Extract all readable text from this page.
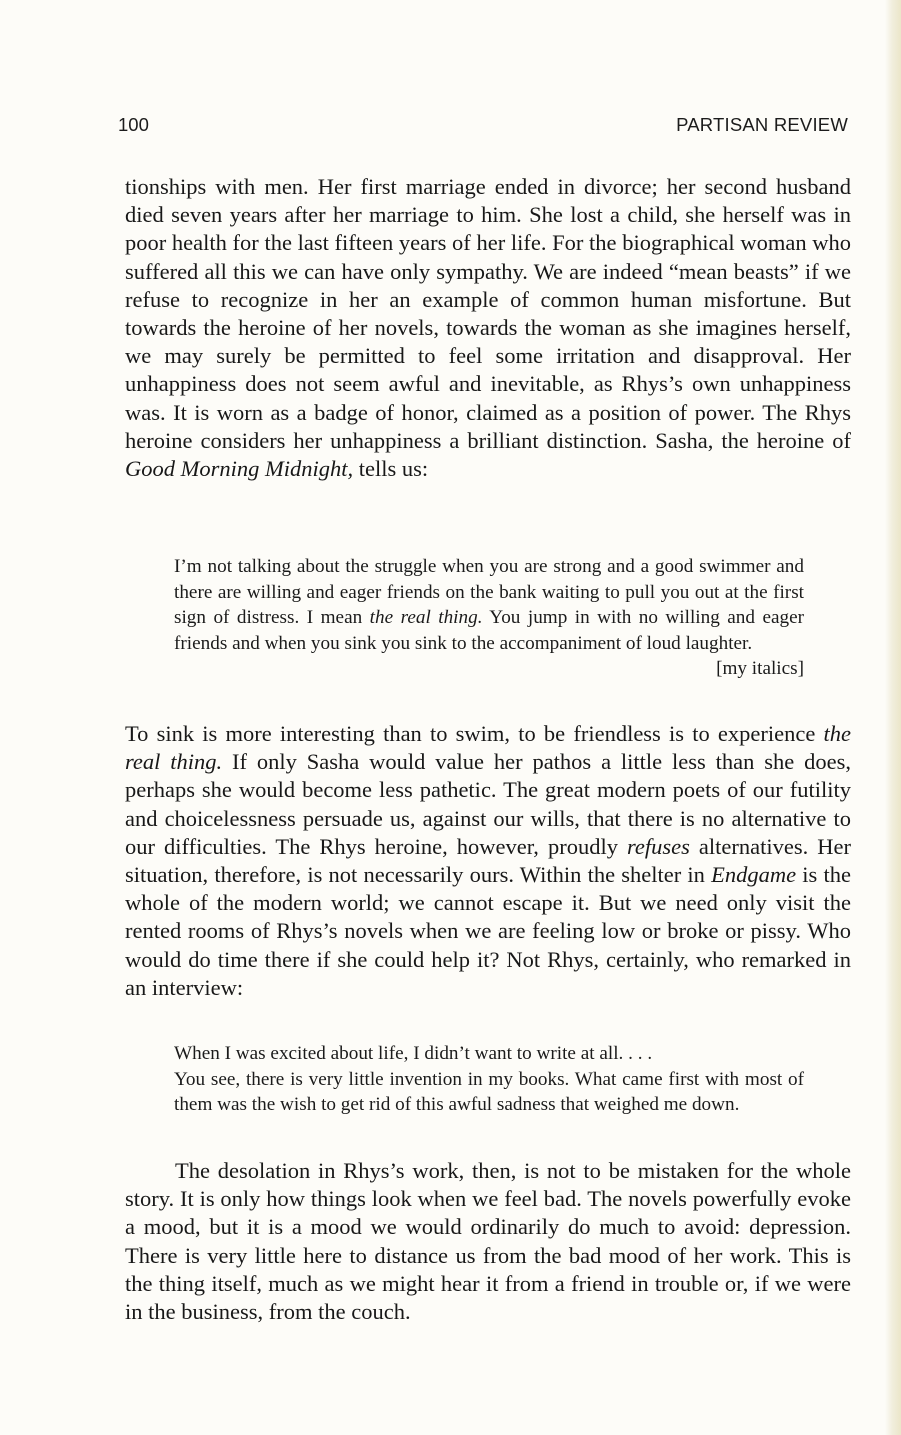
100	PARTISAN REVIEW

tionships with men. Her first marriage ended in divorce; her second husband died seven years after her marriage to him. She lost a child, she herself was in poor health for the last fifteen years of her life. For the biographical woman who suffered all this we can have only sympathy. We are indeed “mean beasts” if we refuse to recognize in her an example of common human misfortune. But towards the heroine of her novels, towards the woman as she imagines herself, we may surely be permitted to feel some irritation and disapproval. Her unhappiness does not seem awful and inevitable, as Rhys’s own unhappiness was. It is worn as a badge of honor, claimed as a position of power. The Rhys heroine considers her unhappiness a brilliant distinction. Sasha, the heroine of Good Morning Midnight, tells us:

I’m not talking about the struggle when you are strong and a good swimmer and there are willing and eager friends on the bank waiting to pull you out at the first sign of distress. I mean the real thing. You jump in with no willing and eager friends and when you sink you sink to the accompaniment of loud laughter.
[my italics]

To sink is more interesting than to swim, to be friendless is to experience the real thing. If only Sasha would value her pathos a little less than she does, perhaps she would become less pathetic. The great modern poets of our futility and choicelessness persuade us, against our wills, that there is no alternative to our difficulties. The Rhys heroine, however, proudly refuses alternatives. Her situation, therefore, is not necessarily ours. Within the shelter in Endgame is the whole of the modern world; we cannot escape it. But we need only visit the rented rooms of Rhys’s novels when we are feeling low or broke or pissy. Who would do time there if she could help it? Not Rhys, certainly, who remarked in an interview:

When I was excited about life, I didn’t want to write at all. . . .
You see, there is very little invention in my books. What came first with most of them was the wish to get rid of this awful sadness that weighed me down.

The desolation in Rhys’s work, then, is not to be mistaken for the whole story. It is only how things look when we feel bad. The novels powerfully evoke a mood, but it is a mood we would ordinarily do much to avoid: depression. There is very little here to distance us from the bad mood of her work. This is the thing itself, much as we might hear it from a friend in trouble or, if we were in the business, from the couch.
